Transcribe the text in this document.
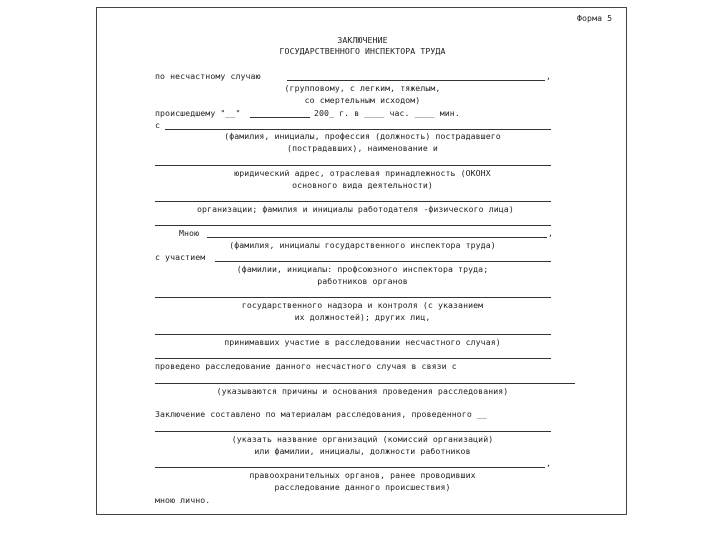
Форма 5
ЗАКЛЮЧЕНИЕ
ГОСУДАРСТВЕННОГО ИНСПЕКТОРА ТРУДА
по несчастному случаю	,
(групповому, с легким, тяжелым,
со смертельным исходом)
происшедшему "__"	200_ г. в ____ час. ____ мин.
с
(фамилия, инициалы, профессия (должность) пострадавшего
(пострадавших), наименование и
юридический адрес, отраслевая принадлежность (ОКОНХ
основного вида деятельности)
организации; фамилия и инициалы работодателя -физического лица)
Мною	,
(фамилия, инициалы государственного инспектора труда)
с участием
(фамилии, инициалы: профсоюзного инспектора труда;
работников органов
государственного надзора и контроля (с указанием
их должностей); других лиц,
принимавших участие в расследовании несчастного случая)
проведено расследование данного несчастного случая в связи с
(указываются причины и основания проведения расследования)
Заключение составлено по материалам расследования, проведенного __
(указать название организаций (комиссий организаций)
или фамилии, инициалы, должности работников
,
правоохранительных органов, ранее проводивших
расследование данного происшествия)
мною лично.
